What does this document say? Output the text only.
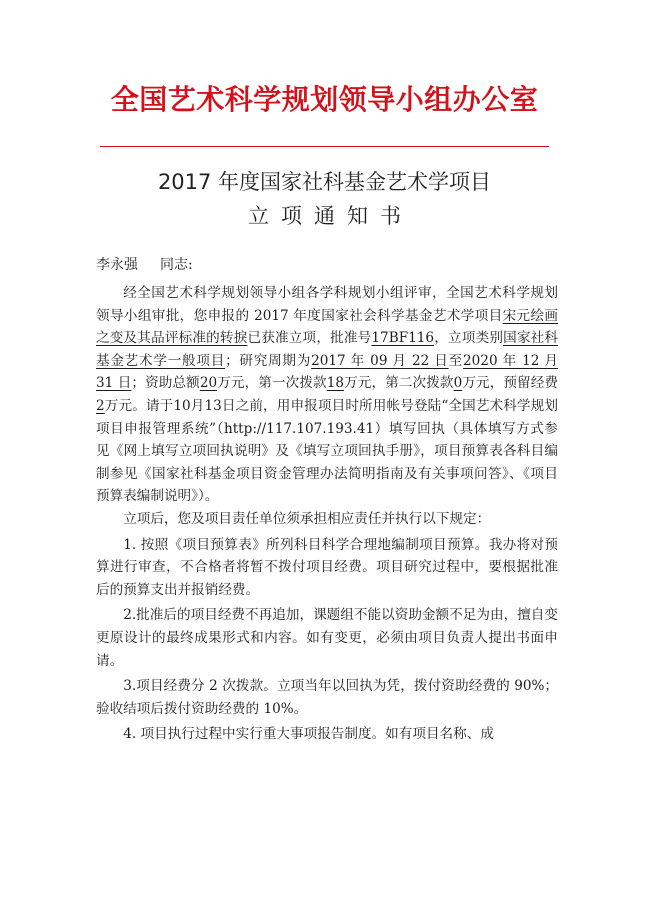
全国艺术科学规划领导小组办公室
2017 年度国家社科基金艺术学项目
立项通知书
李永强 同志:

经全国艺术科学规划领导小组各学科规划小组评审，全国艺术科学规划领导小组审批，您申报的 2017 年度国家社会科学基金艺术学项目宋元绘画之变及其品评标准的转捩已获准立项，批准号17BF116，立项类别国家社科基金艺术学一般项目；研究周期为2017 年 09 月 22 日至2020 年 12 月 31 日；资助总额20万元，第一次拨款18万元，第二次拨款0万元，预留经费2万元。请于10月13日之前，用申报项目时所用帐号登陆“全国艺术科学规划项目申报管理系统”（http://117.107.193.41）填写回执（具体填写方式参见《网上填写立项回执说明》及《填写立项回执手册》，项目预算表各科目编制参见《国家社科基金项目资金管理办法简明指南及有关事项问答》、《项目预算表编制说明》）。

立项后，您及项目责任单位须承担相应责任并执行以下规定：

1. 按照《项目预算表》所列科目科学合理地编制项目预算。我办将对预算进行审查，不合格者将暂不拨付项目经费。项目研究过程中，要根据批准后的预算支出并报销经费。

2.批准后的项目经费不再追加，课题组不能以资助金额不足为由，擅自变更原设计的最终成果形式和内容。如有变更，必须由项目负责人提出书面申请。

3.项目经费分 2 次拨款。立项当年以回执为凭，拨付资助经费的 90%；验收结项后拨付资助经费的 10%。

4. 项目执行过程中实行重大事项报告制度。如有项目名称、成
